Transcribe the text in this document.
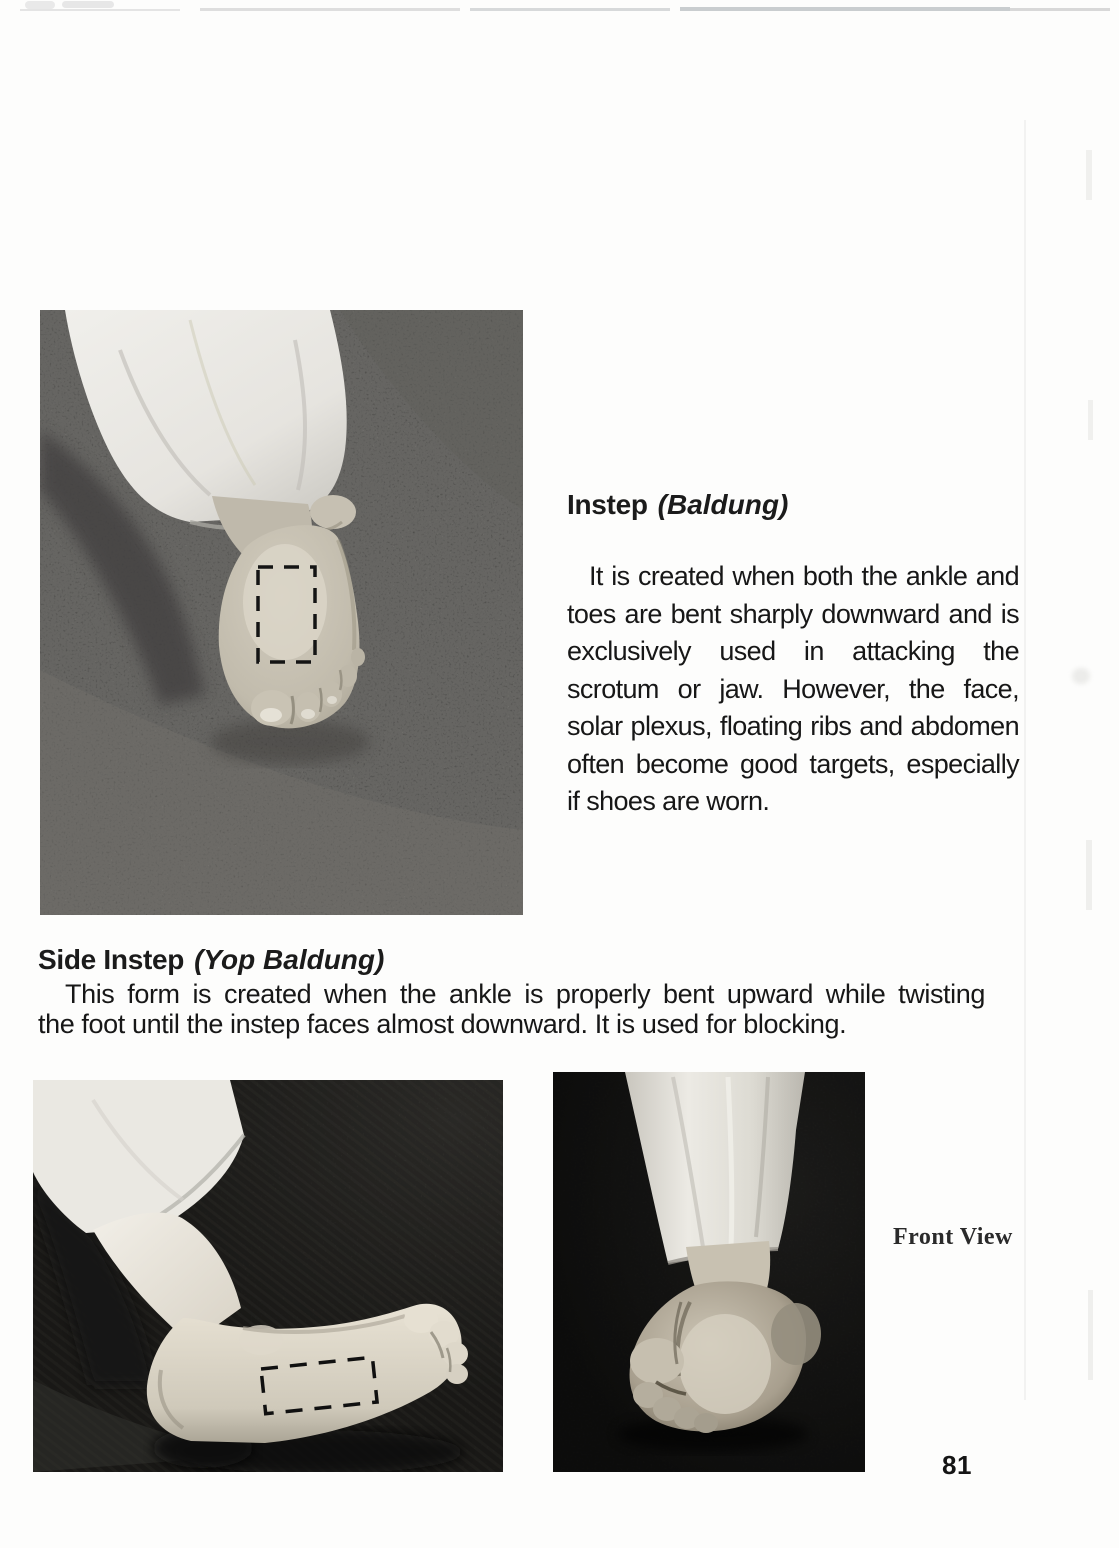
Instep (Baldung)
It is created when both the ankle and
toes are bent sharply downward and is
exclusively used in attacking the
scrotum or jaw. However, the face,
solar plexus, floating ribs and abdomen
often become good targets, especially
if shoes are worn.
Side Instep (Yop Baldung)
This form is created when the ankle is properly bent upward while twisting
the foot until the instep faces almost downward. It is used for blocking.
Front View
81
